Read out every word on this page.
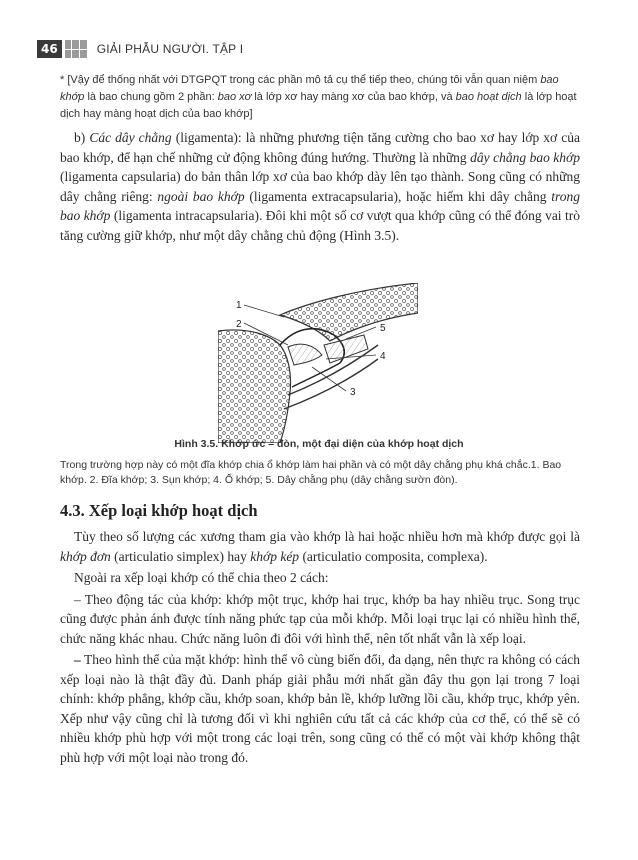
46	GIẢI PHẪU NGƯỜI. TẬP I
* [Vậy để thống nhất với DTGPQT trong các phần mô tả cụ thể tiếp theo, chúng tôi vẫn quan niệm bao khớp là bao chung gồm 2 phần: bao xơ là lớp xơ hay màng xơ của bao khớp, và bao hoạt dịch là lớp hoạt dịch hay màng hoạt dịch của bao khớp]

b) Các dây chằng (ligamenta): là những phương tiện tăng cường cho bao xơ hay lớp xơ của bao khớp, để hạn chế những cử động không đúng hướng. Thường là những dây chằng bao khớp (ligamenta capsularia) do bản thân lớp xơ của bao khớp dày lên tạo thành. Song cũng có những dây chằng riêng: ngoài bao khớp (ligamenta extracapsularia), hoặc hiếm khi dây chằng trong bao khớp (ligamenta intracapsularia). Đôi khi một số cơ vượt qua khớp cũng có thể đóng vai trò tăng cường giữ khớp, như một dây chằng chủ động (Hình 3.5).

1
2	5
4
3
Hình 3.5. Khớp ức – đòn, một đại diện của khớp hoạt dịch
Trong trường hợp này có một đĩa khớp chia ổ khớp làm hai phần và có một dây chằng phụ khá chắc.1. Bao khớp. 2. Đĩa khớp; 3. Sụn khớp; 4. Ổ khớp; 5. Dây chằng phụ (dây chằng sườn đòn).
4.3. Xếp loại khớp hoạt dịch

Tùy theo số lượng các xương tham gia vào khớp là hai hoặc nhiều hơn mà khớp được gọi là khớp đơn (articulatio simplex) hay khớp kép (articulatio composita, complexa).

Ngoài ra xếp loại khớp có thể chia theo 2 cách:

– Theo động tác của khớp: khớp một trục, khớp hai trục, khớp ba hay nhiều trục. Song trục cũng được phản ánh được tính năng phức tạp của mỗi khớp. Mỗi loại trục lại có nhiều hình thể, chức năng khác nhau. Chức năng luôn đi đôi với hình thể, nên tốt nhất vẫn là xếp loại.

– Theo hình thể của mặt khớp: hình thể vô cùng biến đổi, đa dạng, nên thực ra không có cách xếp loại nào là thật đầy đủ. Danh pháp giải phẫu mới nhất gần đây thu gọn lại trong 7 loại chính: khớp phẳng, khớp cầu, khớp soan, khớp bản lề, khớp lưỡng lồi cầu, khớp trục, khớp yên. Xếp như vậy cũng chỉ là tương đối vì khi nghiên cứu tất cả các khớp của cơ thể, có thể sẽ có nhiều khớp phù hợp với một trong các loại trên, song cũng có thể có một vài khớp không thật phù hợp với một loại nào trong đó.
